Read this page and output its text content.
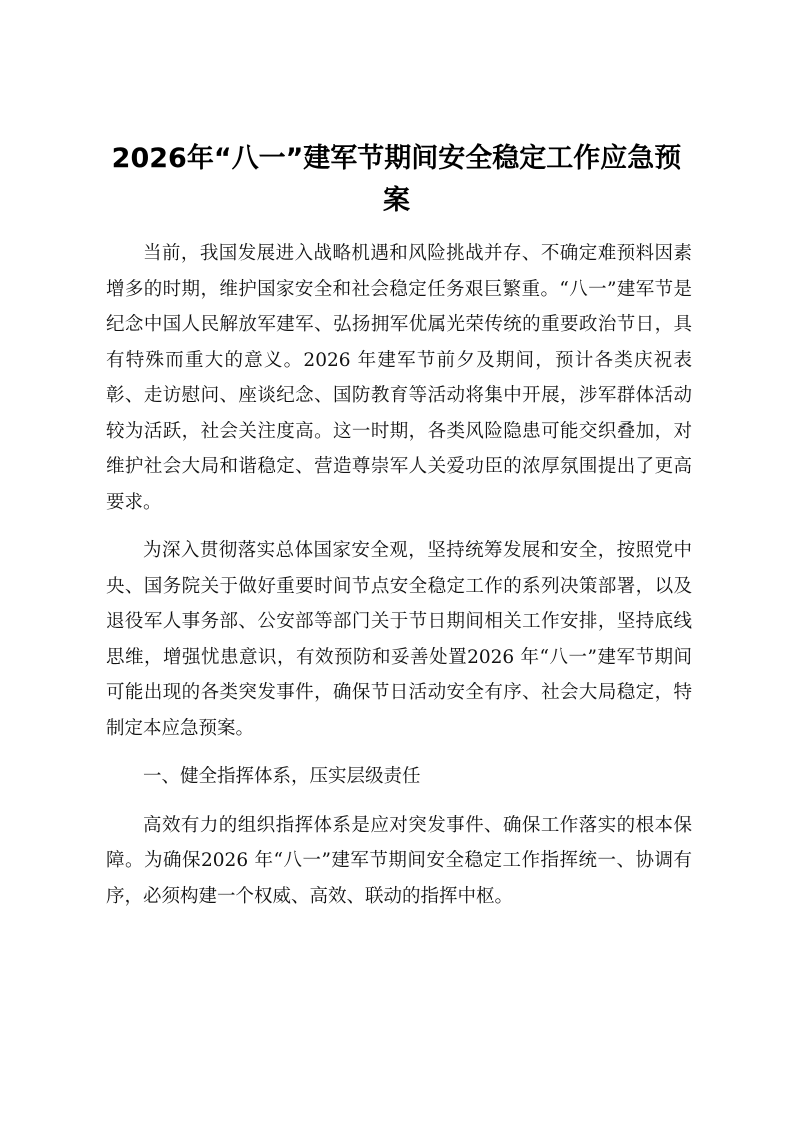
2026年“八一”建军节期间安全稳定工作应急预案

当前，我国发展进入战略机遇和风险挑战并存、不确定难预料因素增多的时期，维护国家安全和社会稳定任务艰巨繁重。“八一”建军节是纪念中国人民解放军建军、弘扬拥军优属光荣传统的重要政治节日，具有特殊而重大的意义。2026 年建军节前夕及期间，预计各类庆祝表彰、走访慰问、座谈纪念、国防教育等活动将集中开展，涉军群体活动较为活跃，社会关注度高。这一时期，各类风险隐患可能交织叠加，对维护社会大局和谐稳定、营造尊崇军人关爱功臣的浓厚氛围提出了更高要求。

为深入贯彻落实总体国家安全观，坚持统筹发展和安全，按照党中央、国务院关于做好重要时间节点安全稳定工作的系列决策部署，以及退役军人事务部、公安部等部门关于节日期间相关工作安排，坚持底线思维，增强忧患意识，有效预防和妥善处置2026 年“八一”建军节期间可能出现的各类突发事件，确保节日活动安全有序、社会大局稳定，特制定本应急预案。

一、健全指挥体系，压实层级责任

高效有力的组织指挥体系是应对突发事件、确保工作落实的根本保障。为确保2026 年“八一”建军节期间安全稳定工作指挥统一、协调有序，必须构建一个权威、高效、联动的指挥中枢。
